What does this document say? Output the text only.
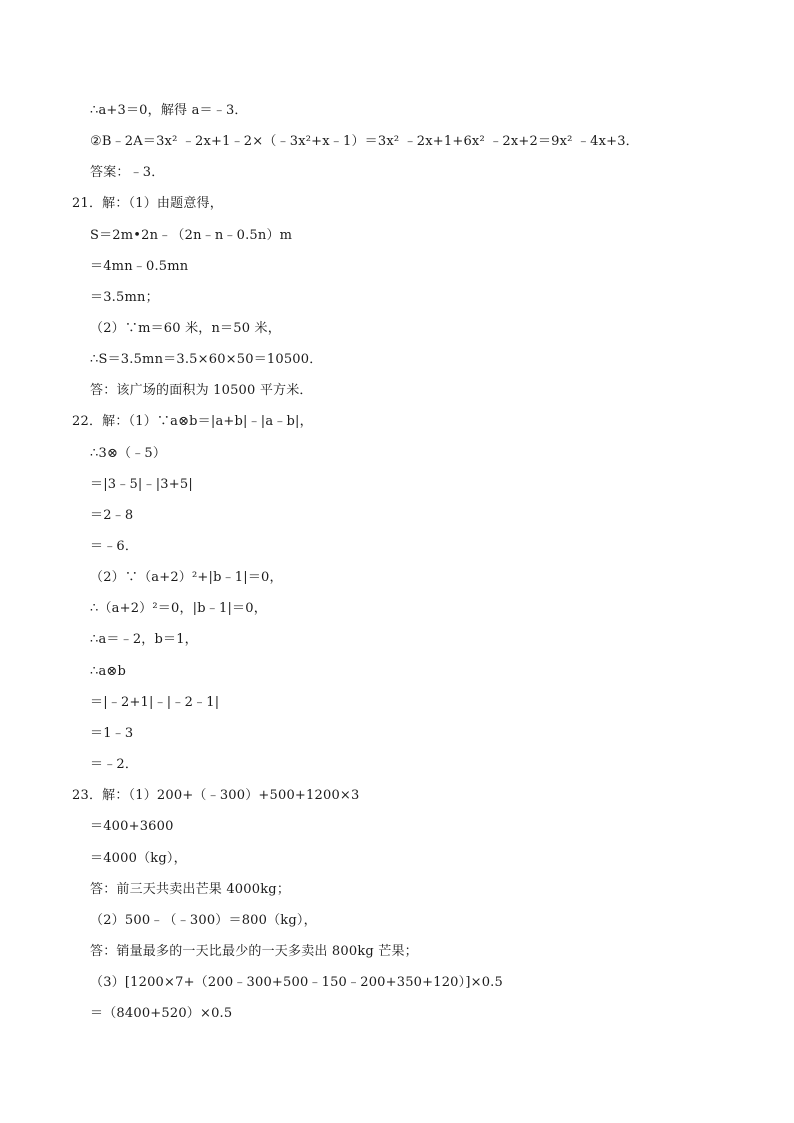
∴a+3＝0，解得 a＝﹣3．
②B﹣2A＝3x² ﹣2x+1﹣2×（﹣3x²+x﹣1）＝3x² ﹣2x+1+6x² ﹣2x+2＝9x² ﹣4x+3．
答案：﹣3．
21．解：（1）由题意得，
S＝2m•2n﹣（2n﹣n﹣0.5n）m
＝4mn﹣0.5mn
＝3.5mn；
（2）∵m＝60 米，n＝50 米，
∴S＝3.5mn＝3.5×60×50＝10500．
答：该广场的面积为 10500 平方米．
22．解：（1）∵a⊗b＝|a+b|﹣|a﹣b|，
∴3⊗（﹣5）
＝|3﹣5|﹣|3+5|
＝2﹣8
＝﹣6．
（2）∵（a+2）²+|b﹣1|＝0，
∴（a+2）²＝0，|b﹣1|＝0，
∴a＝﹣2，b＝1，
∴a⊗b
＝|﹣2+1|﹣|﹣2﹣1|
＝1﹣3
＝﹣2．
23．解：（1）200+（﹣300）+500+1200×3
＝400+3600
＝4000（kg），
答：前三天共卖出芒果 4000kg；
（2）500﹣（﹣300）＝800（kg），
答：销量最多的一天比最少的一天多卖出 800kg 芒果；
（3）[1200×7+（200﹣300+500﹣150﹣200+350+120）]×0.5
＝（8400+520）×0.5
